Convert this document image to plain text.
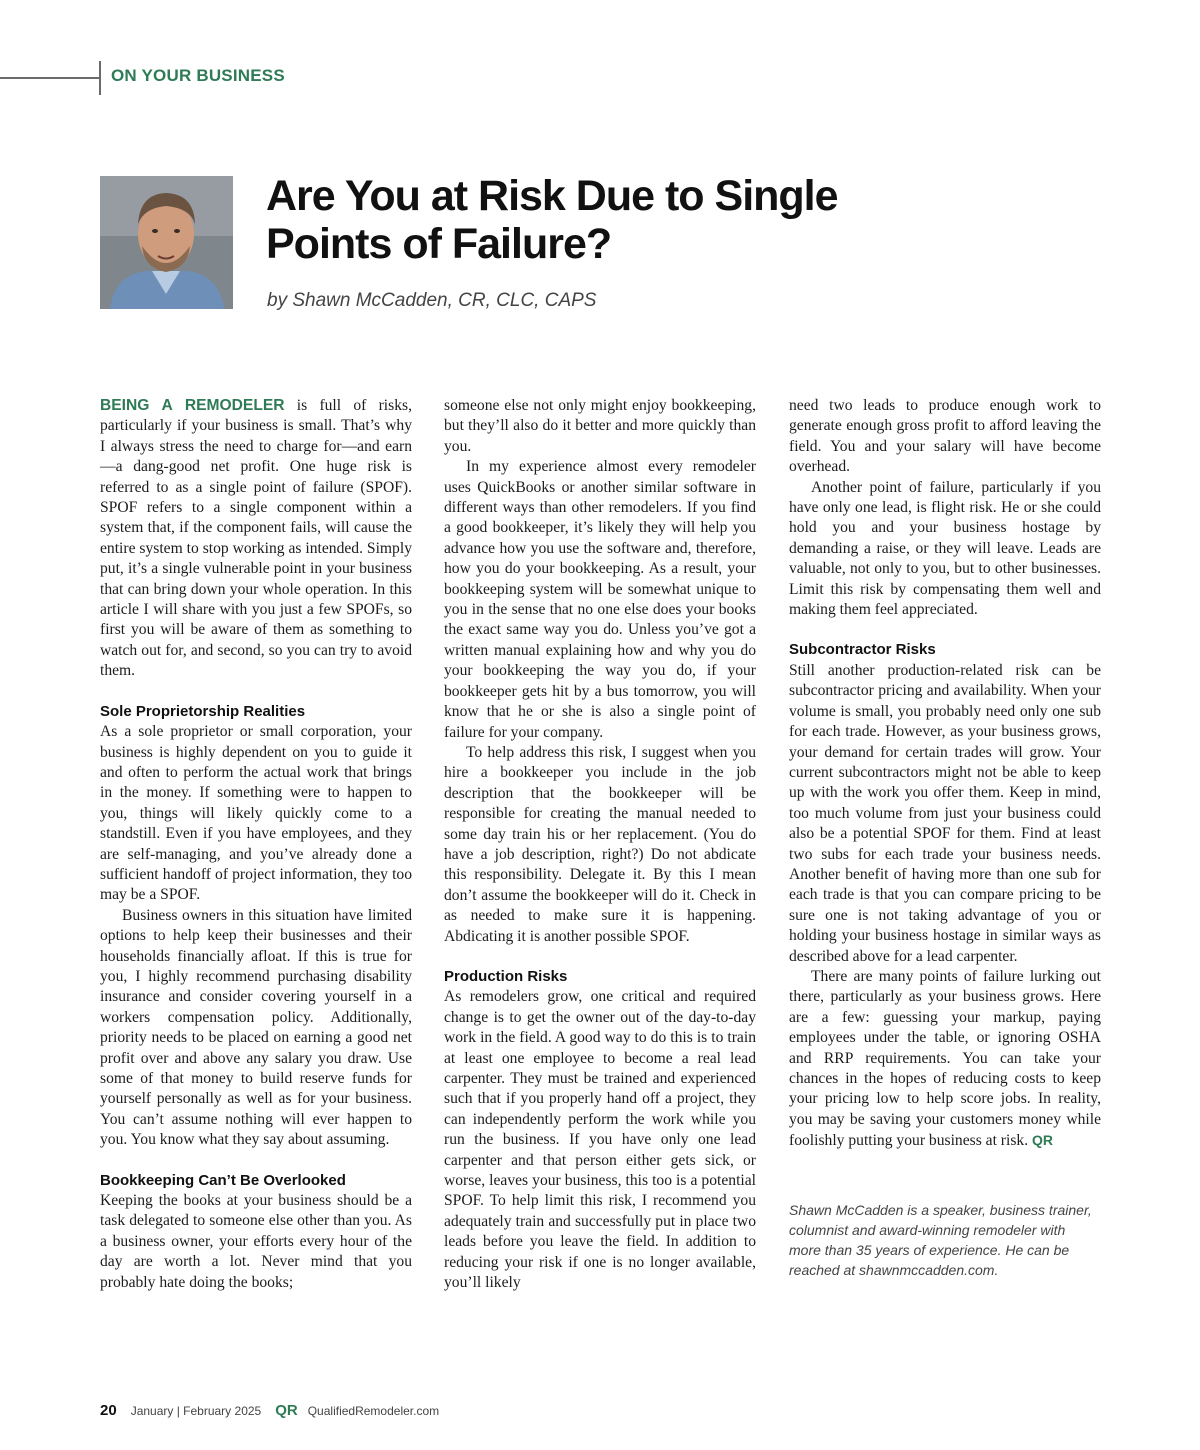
ON YOUR BUSINESS
Are You at Risk Due to Single Points of Failure?
by Shawn McCadden, CR, CLC, CAPS

BEING A REMODELER is full of risks, particularly if your business is small. That’s why I always stress the need to charge for—and earn—a dang-good net profit. One huge risk is referred to as a single point of failure (SPOF). SPOF refers to a single component within a system that, if the component fails, will cause the entire system to stop working as intended. Simply put, it’s a single vulnerable point in your business that can bring down your whole operation. In this article I will share with you just a few SPOFs, so first you will be aware of them as something to watch out for, and second, so you can try to avoid them.

Sole Proprietorship Realities

As a sole proprietor or small corporation, your business is highly dependent on you to guide it and often to perform the actual work that brings in the money. If something were to happen to you, things will likely quickly come to a standstill. Even if you have employees, and they are self-managing, and you’ve already done a sufficient handoff of project information, they too may be a SPOF.

Business owners in this situation have limited options to help keep their businesses and their households financially afloat. If this is true for you, I highly recommend purchasing disability insurance and consider covering yourself in a workers compensation policy. Additionally, priority needs to be placed on earning a good net profit over and above any salary you draw. Use some of that money to build reserve funds for yourself personally as well as for your business. You can’t assume nothing will ever happen to you. You know what they say about assuming.

Bookkeeping Can’t Be Overlooked

Keeping the books at your business should be a task delegated to someone else other than you. As a business owner, your efforts every hour of the day are worth a lot. Never mind that you probably hate doing the books;

someone else not only might enjoy bookkeeping, but they’ll also do it better and more quickly than you.

In my experience almost every remodeler uses QuickBooks or another similar software in different ways than other remodelers. If you find a good bookkeeper, it’s likely they will help you advance how you use the software and, therefore, how you do your bookkeeping. As a result, your bookkeeping system will be somewhat unique to you in the sense that no one else does your books the exact same way you do. Unless you’ve got a written manual explaining how and why you do your bookkeeping the way you do, if your bookkeeper gets hit by a bus tomorrow, you will know that he or she is also a single point of failure for your company.

To help address this risk, I suggest when you hire a bookkeeper you include in the job description that the bookkeeper will be responsible for creating the manual needed to some day train his or her replacement. (You do have a job description, right?) Do not abdicate this responsibility. Delegate it. By this I mean don’t assume the bookkeeper will do it. Check in as needed to make sure it is happening. Abdicating it is another possible SPOF.

Production Risks

As remodelers grow, one critical and required change is to get the owner out of the day-to-day work in the field. A good way to do this is to train at least one employee to become a real lead carpenter. They must be trained and experienced such that if you properly hand off a project, they can independently perform the work while you run the business. If you have only one lead carpenter and that person either gets sick, or worse, leaves your business, this too is a potential SPOF. To help limit this risk, I recommend you adequately train and successfully put in place two leads before you leave the field. In addition to reducing your risk if one is no longer available, you’ll likely

need two leads to produce enough work to generate enough gross profit to afford leaving the field. You and your salary will have become overhead.

Another point of failure, particularly if you have only one lead, is flight risk. He or she could hold you and your business hostage by demanding a raise, or they will leave. Leads are valuable, not only to you, but to other businesses. Limit this risk by compensating them well and making them feel appreciated.

Subcontractor Risks

Still another production-related risk can be subcontractor pricing and availability. When your volume is small, you probably need only one sub for each trade. However, as your business grows, your demand for certain trades will grow. Your current subcontractors might not be able to keep up with the work you offer them. Keep in mind, too much volume from just your business could also be a potential SPOF for them. Find at least two subs for each trade your business needs. Another benefit of having more than one sub for each trade is that you can compare pricing to be sure one is not taking advantage of you or holding your business hostage in similar ways as described above for a lead carpenter.

There are many points of failure lurking out there, particularly as your business grows. Here are a few: guessing your markup, paying employees under the table, or ignoring OSHA and RRP requirements. You can take your chances in the hopes of reducing costs to keep your pricing low to help score jobs. In reality, you may be saving your customers money while foolishly putting your business at risk. QR

Shawn McCadden is a speaker, business trainer, columnist and award-winning remodeler with more than 35 years of experience. He can be reached at shawnmccadden.com.

20 January | February 2025 QR QualifiedRemodeler.com
